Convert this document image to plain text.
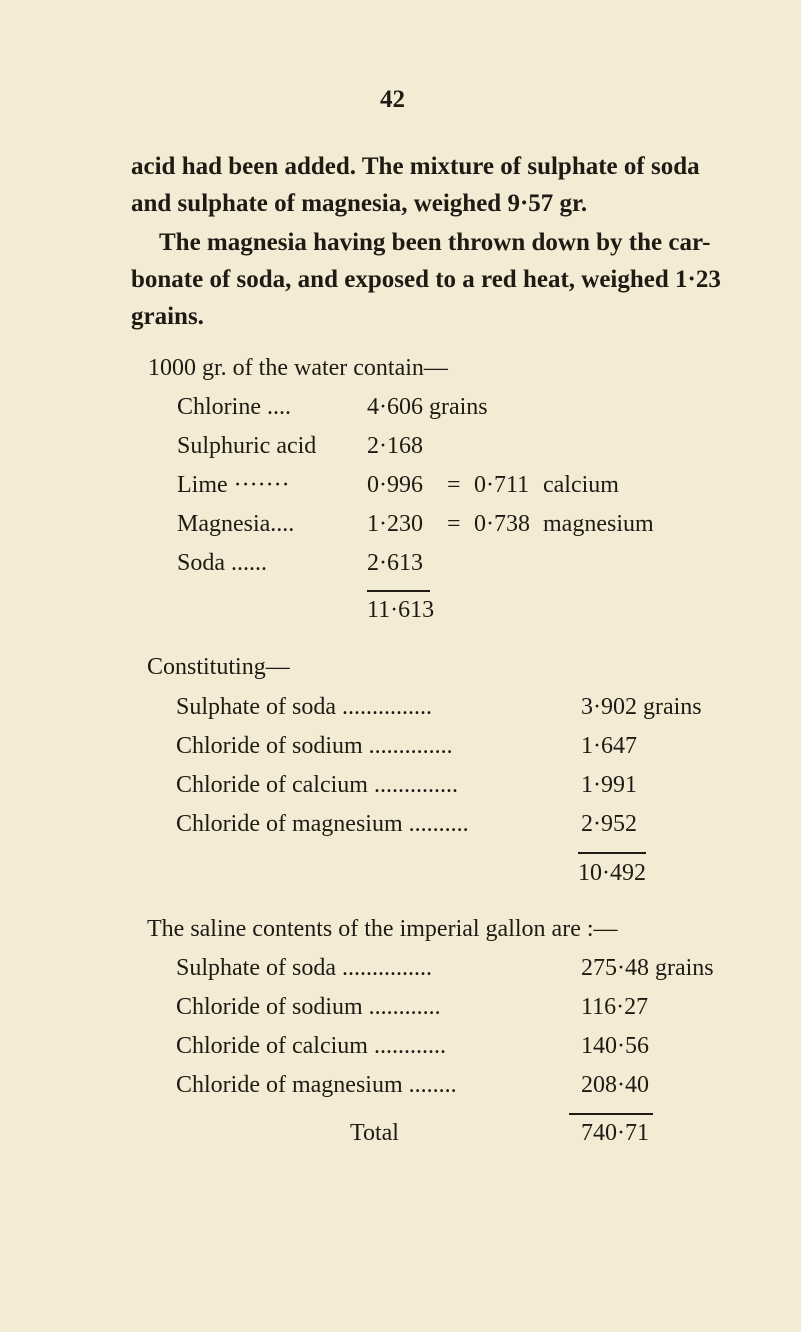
42
acid had been added. The mixture of sulphate of soda
and sulphate of magnesia, weighed 9·57 gr.
The magnesia having been thrown down by the car-
bonate of soda, and exposed to a red heat, weighed 1·23
grains.
1000 gr. of the water contain—
Chlorine ....	4·606 grains
Sulphuric acid 2·168
Lime ·······	0·996 = 0·711 calcium
Magnesia....	1·230 = 0·738 magnesium
Soda ......	2·613
11·613
Constituting—
Sulphate of soda ...............	3·902 grains
Chloride of sodium ..............	1·647
Chloride of calcium ..............	1·991
Chloride of magnesium ..........	2·952
10·492
The saline contents of the imperial gallon are :—
Sulphate of soda ...............	275·48 grains
Chloride of sodium ............	116·27
Chloride of calcium ............	140·56
Chloride of magnesium ........	208·40
Total	740·71
